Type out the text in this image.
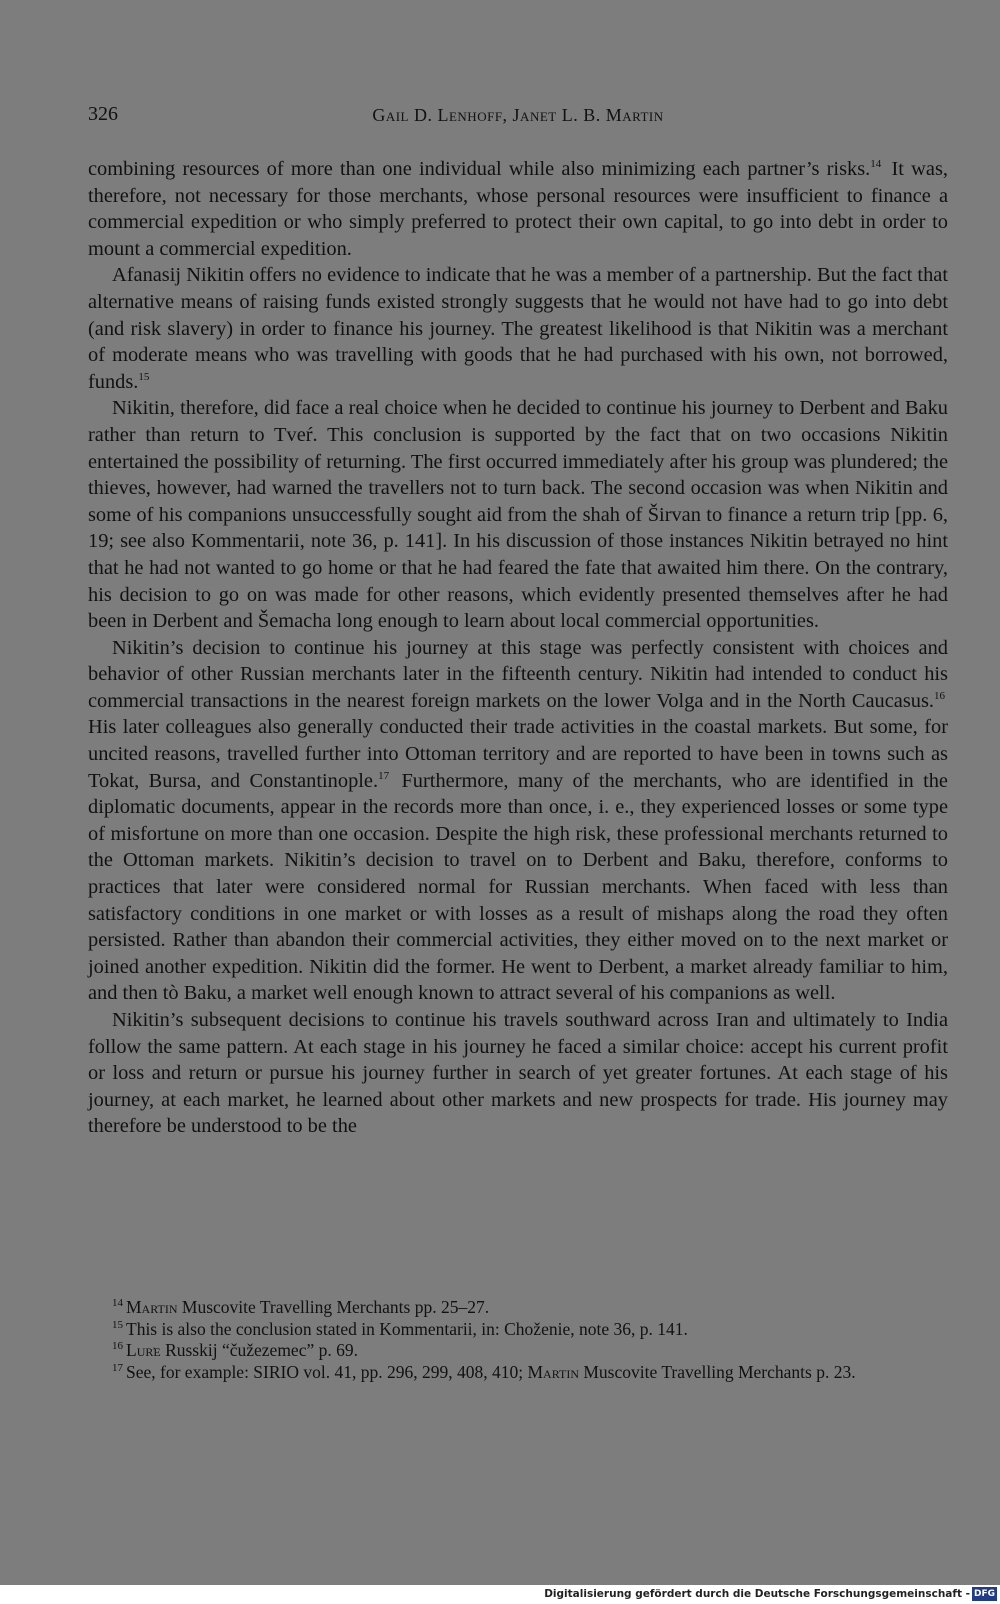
326	Gail D. Lenhoff, Janet L. B. Martin

combining resources of more than one individual while also minimizing each partner’s risks.$^{14}$ It was, therefore, not necessary for those merchants, whose personal resources were insufficient to finance a commercial expedition or who simply preferred to protect their own capital, to go into debt in order to mount a commercial expedition.

Afanasij Nikitin offers no evidence to indicate that he was a member of a partnership. But the fact that alternative means of raising funds existed strongly suggests that he would not have had to go into debt (and risk slavery) in order to finance his journey. The greatest likelihood is that Nikitin was a merchant of moderate means who was travelling with goods that he had purchased with his own, not borrowed, funds.$^{15}$

Nikitin, therefore, did face a real choice when he decided to continue his journey to Derbent and Baku rather than return to Tveŕ. This conclusion is supported by the fact that on two occasions Nikitin entertained the possibility of returning. The first occurred immediately after his group was plundered; the thieves, however, had warned the travellers not to turn back. The second occasion was when Nikitin and some of his companions unsuccessfully sought aid from the shah of Širvan to finance a return trip [pp. 6, 19; see also Kommentarii, note 36, p. 141]. In his discussion of those instances Nikitin betrayed no hint that he had not wanted to go home or that he had feared the fate that awaited him there. On the contrary, his decision to go on was made for other reasons, which evidently presented themselves after he had been in Derbent and Šemacha long enough to learn about local commercial opportunities.

Nikitin’s decision to continue his journey at this stage was perfectly consistent with choices and behavior of other Russian merchants later in the fifteenth century. Nikitin had intended to conduct his commercial transactions in the nearest foreign markets on the lower Volga and in the North Caucasus.$^{16}$ His later colleagues also generally conducted their trade activities in the coastal markets. But some, for uncited reasons, travelled further into Ottoman territory and are reported to have been in towns such as Tokat, Bursa, and Constantinople.$^{17}$ Furthermore, many of the merchants, who are identified in the diplomatic documents, appear in the records more than once, i. e., they experienced losses or some type of misfortune on more than one occasion. Despite the high risk, these professional merchants returned to the Ottoman markets. Nikitin’s decision to travel on to Derbent and Baku, therefore, conforms to practices that later were considered normal for Russian merchants. When faced with less than satisfactory conditions in one market or with losses as a result of mishaps along the road they often persisted. Rather than abandon their commercial activities, they either moved on to the next market or joined another expedition. Nikitin did the former. He went to Derbent, a market already familiar to him, and then tò Baku, a market well enough known to attract several of his companions as well.

Nikitin’s subsequent decisions to continue his travels southward across Iran and ultimately to India follow the same pattern. At each stage in his journey he faced a similar choice: accept his current profit or loss and return or pursue his journey further in search of yet greater fortunes. At each stage of his journey, at each market, he learned about other markets and new prospects for trade. His journey may therefore be understood to be the

$^{14}$ Martin Muscovite Travelling Merchants pp. 25–27.

$^{15}$ This is also the conclusion stated in Kommentarii, in: Choženie, note 36, p. 141.

$^{16}$ Lur̕e Russkij “čužezemec” p. 69.

$^{17}$ See, for example: SIRIO vol. 41, pp. 296, 299, 408, 410; Martin Muscovite Travelling Merchants p. 23.

Digitalisierung gefördert durch die Deutsche Forschungsgemeinschaft - DFG
